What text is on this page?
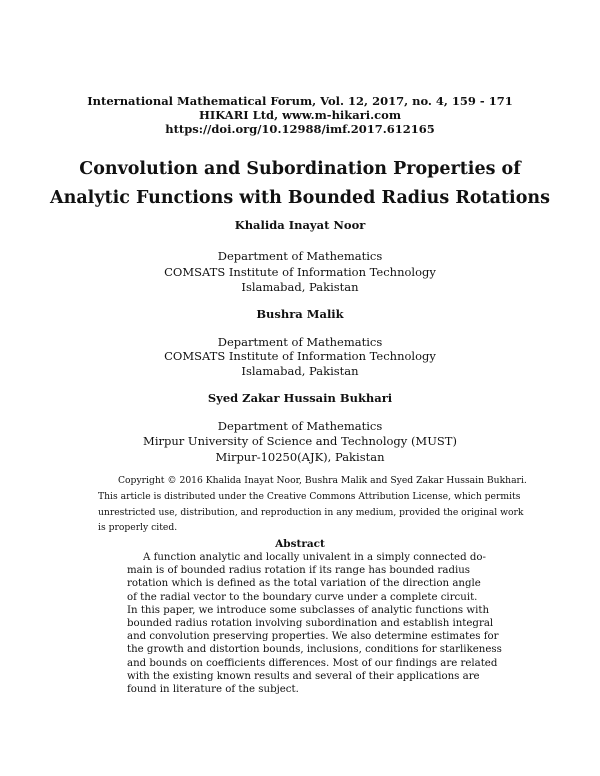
International Mathematical Forum, Vol. 12, 2017, no. 4, 159 - 171
HIKARI Ltd, www.m-hikari.com
https://doi.org/10.12988/imf.2017.612165
Convolution and Subordination Properties of
Analytic Functions with Bounded Radius Rotations
Khalida Inayat Noor
Department of Mathematics
COMSATS Institute of Information Technology
Islamabad, Pakistan
Bushra Malik
Department of Mathematics
COMSATS Institute of Information Technology
Islamabad, Pakistan
Syed Zakar Hussain Bukhari
Department of Mathematics
Mirpur University of Science and Technology (MUST)
Mirpur-10250(AJK), Pakistan
Copyright © 2016 Khalida Inayat Noor, Bushra Malik and Syed Zakar Hussain Bukhari.
This article is distributed under the Creative Commons Attribution License, which permits
unrestricted use, distribution, and reproduction in any medium, provided the original work
is properly cited.
Abstract
A function analytic and locally univalent in a simply connected do-
main is of bounded radius rotation if its range has bounded radius
rotation which is defined as the total variation of the direction angle
of the radial vector to the boundary curve under a complete circuit.
In this paper, we introduce some subclasses of analytic functions with
bounded radius rotation involving subordination and establish integral
and convolution preserving properties. We also determine estimates for
the growth and distortion bounds, inclusions, conditions for starlikeness
and bounds on coefficients differences. Most of our findings are related
with the existing known results and several of their applications are
found in literature of the subject.
